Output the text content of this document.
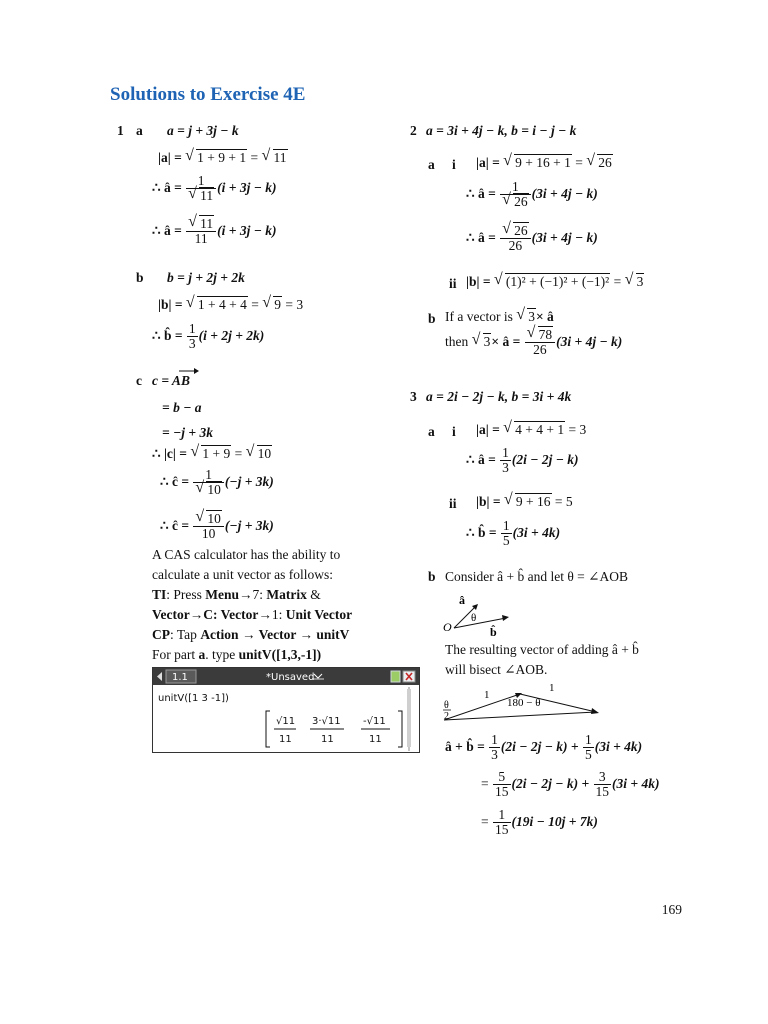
Solutions to Exercise 4E
1 a a = j + 3j − k
|a| = √ 1 + 9 + 1 = √ 11
∴ â = 1
√ 11 (i + 3j − k)
∴ â = √ $\frac{11}{11} (i + 3j - k)$
b b = j + 2j + 2k
|b| = √ 1 + 4 + 4 = √ 9 = 3
∴ b̂ = $\frac{1}{3} (i + 2j + 2k)$
c c = AB
= b − a
= −j + 3k
∴ |c| = √ 1 + 9 = √ 10
∴ ĉ = 1
√ 10 (−j + 3k)
∴ ĉ = √ $\frac{10}{10} (-j + 3k)$
A CAS calculator has the ability to
calculate a unit vector as follows:
TI: Press Menu→7: Matrix &
Vector→C: Vector→1: Unit Vector
CP: Tap Action → Vector → unitV
For part a. type unitV([1,3,-1])
1.1	*Unsaved
unitV([1 3 -1])
√11
11
3·√11
11
-√11
11
2 a = 3i + 4j − k, b = i − j − k
a i |a| = √ 9 + 16 + 1 = √ 26
∴ â = 1
√ 26 (3i + 4j − k)
∴ â = √ $\frac{26}{26} (3i + 4j - k)$
ii |b| = √ (1)² + (−1)² + (−1)² = √ 3
b If a vector is √ 3× â
then √ 3× â = √ $\frac{78}{26} (3i + 4j - k)$
3 a = 2i − 2j − k, b = 3i + 4k
a i |a| = √ 4 + 4 + 1 = 3
∴ â = $\frac{1}{3} (2i - 2j - k)$
ii |b| = √ 9 + 16 = 5
∴ b̂ = $\frac{1}{5} (3i + 4k)$
b Consider â + b̂ and let θ = ∠AOB
â
θ
O	b̂
The resulting vector of adding â + b̂
will bisect ∠AOB.
1
1
180 − θ
θ
2
â + b̂ = $\frac{1}{3} (2i - 2j - k) + \frac{1}{5} (3i + 4k)$
= $\frac{5}{15} (2i - 2j - k) + \frac{3}{15} (3i + 4k)$
= $\frac{1}{15} (19i - 10j + 7k)$
169
